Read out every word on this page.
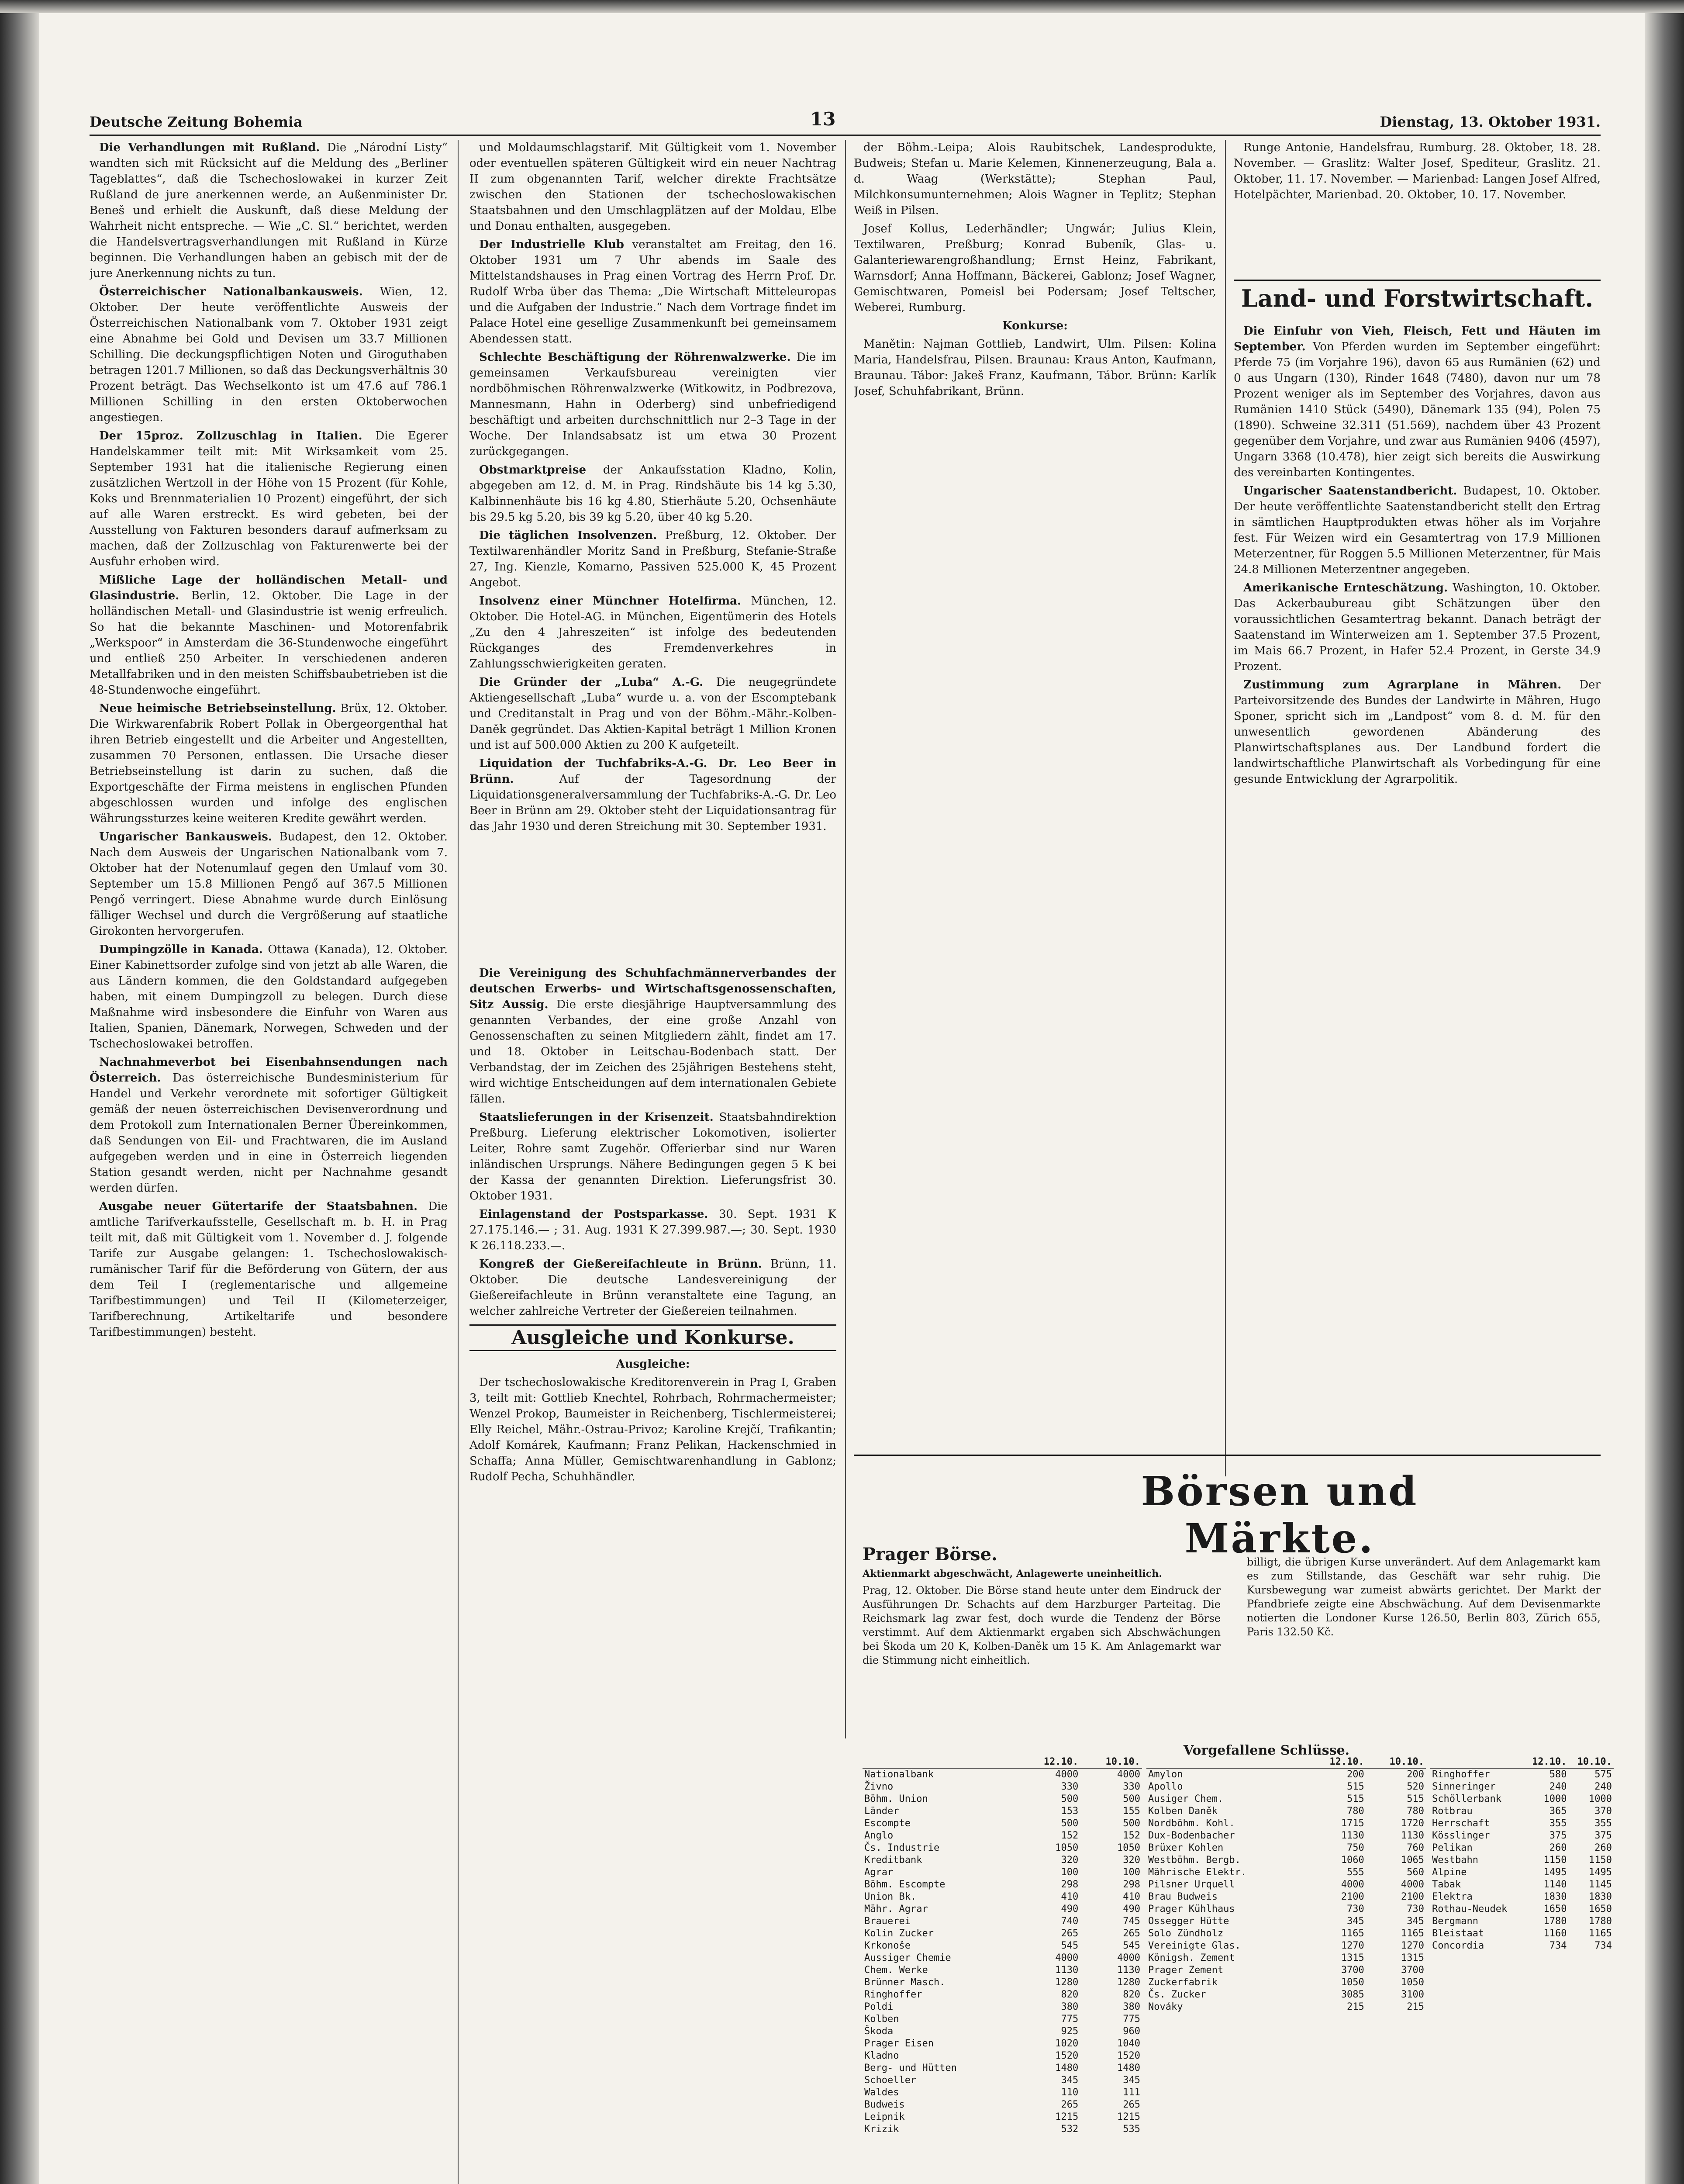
Deutsche Zeitung Bohemia	13	Dienstag, 13. Oktober 1931.

Die Verhandlungen mit Rußland. Die „Národní Listy“ wandten sich mit Rücksicht auf die Meldung des „Berliner Tageblattes“, daß die Tschechoslowakei in kurzer Zeit Rußland de jure anerkennen werde, an Außenminister Dr. Beneš und erhielt die Auskunft, daß diese Meldung der Wahrheit nicht entspreche. — Wie „C. Sl.“ berichtet, werden die Handelsvertragsverhandlungen mit Rußland in Kürze beginnen. Die Verhandlungen haben an gebisch mit der de jure Anerkennung nichts zu tun.

Österreichischer Nationalbankausweis. Wien, 12. Oktober. Der heute veröffentlichte Ausweis der Österreichischen Nationalbank vom 7. Oktober 1931 zeigt eine Abnahme bei Gold und Devisen um 33.7 Millionen Schilling. Die deckungspflichtigen Noten und Giroguthaben betragen 1201.7 Millionen, so daß das Deckungsverhältnis 30 Prozent beträgt. Das Wechselkonto ist um 47.6 auf 786.1 Millionen Schilling in den ersten Oktoberwochen angestiegen.

Der 15proz. Zollzuschlag in Italien. Die Egerer Handelskammer teilt mit: Mit Wirksamkeit vom 25. September 1931 hat die italienische Regierung einen zusätzlichen Wertzoll in der Höhe von 15 Prozent (für Kohle, Koks und Brennmaterialien 10 Prozent) eingeführt, der sich auf alle Waren erstreckt. Es wird gebeten, bei der Ausstellung von Fakturen besonders darauf aufmerksam zu machen, daß der Zollzuschlag von Fakturenwerte bei der Ausfuhr erhoben wird.

Mißliche Lage der holländischen Metall- und Glasindustrie. Berlin, 12. Oktober. Die Lage in der holländischen Metall- und Glasindustrie ist wenig erfreulich. So hat die bekannte Maschinen- und Motorenfabrik „Werkspoor“ in Amsterdam die 36-Stundenwoche eingeführt und entließ 250 Arbeiter. In verschiedenen anderen Metallfabriken und in den meisten Schiffsbaubetrieben ist die 48-Stundenwoche eingeführt.

Neue heimische Betriebseinstellung. Brüx, 12. Oktober. Die Wirkwarenfabrik Robert Pollak in Obergeorgenthal hat ihren Betrieb eingestellt und die Arbeiter und Angestellten, zusammen 70 Personen, entlassen. Die Ursache dieser Betriebseinstellung ist darin zu suchen, daß die Exportgeschäfte der Firma meistens in englischen Pfunden abgeschlossen wurden und infolge des englischen Währungssturzes keine weiteren Kredite gewährt werden.

Ungarischer Bankausweis. Budapest, den 12. Oktober. Nach dem Ausweis der Ungarischen Nationalbank vom 7. Oktober hat der Notenumlauf gegen den Umlauf vom 30. September um 15.8 Millionen Pengő auf 367.5 Millionen Pengő verringert. Diese Abnahme wurde durch Einlösung fälliger Wechsel und durch die Vergrößerung auf staatliche Girokonten hervorgerufen.

Dumpingzölle in Kanada. Ottawa (Kanada), 12. Oktober. Einer Kabinettsorder zufolge sind von jetzt ab alle Waren, die aus Ländern kommen, die den Goldstandard aufgegeben haben, mit einem Dumpingzoll zu belegen. Durch diese Maßnahme wird insbesondere die Einfuhr von Waren aus Italien, Spanien, Dänemark, Norwegen, Schweden und der Tschechoslowakei betroffen.

Nachnahmeverbot bei Eisenbahnsendungen nach Österreich. Das österreichische Bundesministerium für Handel und Verkehr verordnete mit sofortiger Gültigkeit gemäß der neuen österreichischen Devisenverordnung und dem Protokoll zum Internationalen Berner Übereinkommen, daß Sendungen von Eil- und Frachtwaren, die im Ausland aufgegeben werden und in eine in Österreich liegenden Station gesandt werden, nicht per Nachnahme gesandt werden dürfen.

Ausgabe neuer Gütertarife der Staatsbahnen. Die amtliche Tarifverkaufsstelle, Gesellschaft m. b. H. in Prag teilt mit, daß mit Gültigkeit vom 1. November d. J. folgende Tarife zur Ausgabe gelangen: 1. Tschechoslowakisch-rumänischer Tarif für die Beförderung von Gütern, der aus dem Teil I (reglementarische und allgemeine Tarifbestimmungen) und Teil II (Kilometerzeiger, Tarifberechnung, Artikeltarife und besondere Tarifbestimmungen) besteht.

und Moldaumschlagstarif. Mit Gültigkeit vom 1. November oder eventuellen späteren Gültigkeit wird ein neuer Nachtrag II zum obgenannten Tarif, welcher direkte Frachtsätze zwischen den Stationen der tschechoslowakischen Staatsbahnen und den Umschlagplätzen auf der Moldau, Elbe und Donau enthalten, ausgegeben.

Der Industrielle Klub veranstaltet am Freitag, den 16. Oktober 1931 um 7 Uhr abends im Saale des Mittelstandshauses in Prag einen Vortrag des Herrn Prof. Dr. Rudolf Wrba über das Thema: „Die Wirtschaft Mitteleuropas und die Aufgaben der Industrie.“ Nach dem Vortrage findet im Palace Hotel eine gesellige Zusammenkunft bei gemeinsamem Abendessen statt.

Schlechte Beschäftigung der Röhrenwalzwerke. Die im gemeinsamen Verkaufsbureau vereinigten vier nordböhmischen Röhrenwalzwerke (Witkowitz, in Podbrezova, Mannesmann, Hahn in Oderberg) sind unbefriedigend beschäftigt und arbeiten durchschnittlich nur 2–3 Tage in der Woche. Der Inlandsabsatz ist um etwa 30 Prozent zurückgegangen.

Obstmarktpreise der Ankaufsstation Kladno, Kolin, abgegeben am 12. d. M. in Prag. Rindshäute bis 14 kg 5.30, Kalbinnenhäute bis 16 kg 4.80, Stierhäute 5.20, Ochsenhäute bis 29.5 kg 5.20, bis 39 kg 5.20, über 40 kg 5.20.

Die täglichen Insolvenzen. Preßburg, 12. Oktober. Der Textilwarenhändler Moritz Sand in Preßburg, Stefanie-Straße 27, Ing. Kienzle, Komarno, Passiven 525.000 K, 45 Prozent Angebot.

Insolvenz einer Münchner Hotelfirma. München, 12. Oktober. Die Hotel-AG. in München, Eigentümerin des Hotels „Zu den 4 Jahreszeiten“ ist infolge des bedeutenden Rückganges des Fremdenverkehres in Zahlungsschwierigkeiten geraten.

Die Gründer der „Luba“ A.-G. Die neugegründete Aktiengesellschaft „Luba“ wurde u. a. von der Escomptebank und Creditanstalt in Prag und von der Böhm.-Mähr.-Kolben-Daněk gegründet. Das Aktien-Kapital beträgt 1 Million Kronen und ist auf 500.000 Aktien zu 200 K aufgeteilt.

Liquidation der Tuchfabriks-A.-G. Dr. Leo Beer in Brünn.	Auf der Tagesordnung der Liquidationsgeneralversammlung der Tuchfabriks-A.-G. Dr. Leo Beer in Brünn am 29. Oktober steht der Liquidationsantrag für das Jahr 1930 und deren Streichung mit 30. September 1931.

Die Vereinigung des Schuhfachmännerverbandes der deutschen Erwerbs- und Wirtschaftsgenossenschaften, Sitz Aussig. Die erste diesjährige Hauptversammlung des genannten Verbandes, der eine große Anzahl von Genossenschaften zu seinen Mitgliedern zählt, findet am 17. und 18. Oktober in Leitschau-Bodenbach statt. Der Verbandstag, der im Zeichen des 25jährigen Bestehens steht, wird wichtige Entscheidungen auf dem internationalen Gebiete fällen.

Staatslieferungen in der Krisenzeit. Staatsbahndirektion Preßburg. Lieferung elektrischer Lokomotiven, isolierter Leiter, Rohre samt Zugehör. Offerierbar sind nur Waren inländischen Ursprungs. Nähere Bedingungen gegen 5 K bei der Kassa der genannten Direktion. Lieferungsfrist 30. Oktober 1931.

Einlagenstand der Postsparkasse. 30. Sept. 1931 K 27.175.146.— ; 31. Aug. 1931 K 27.399.987.—; 30. Sept. 1930 K 26.118.233.—.

Kongreß der Gießereifachleute in Brünn. Brünn, 11. Oktober. Die deutsche Landesvereinigung der Gießereifachleute in Brünn veranstaltete eine Tagung, an welcher zahlreiche Vertreter der Gießereien teilnahmen.

Ausgleiche und Konkurse.
Ausgleiche:

Der tschechoslowakische Kreditorenverein in Prag I, Graben 3, teilt mit: Gottlieb Knechtel, Rohrbach, Rohrmachermeister; Wenzel Prokop, Baumeister in Reichenberg, Tischlermeisterei; Elly Reichel, Mähr.-Ostrau-Privoz; Karoline Krejčí, Trafikantin; Adolf Komárek, Kaufmann; Franz Pelikan, Hackenschmied in Schaffa; Anna Müller, Gemischtwarenhandlung in Gablonz; Rudolf Pecha, Schuhhändler.

der Böhm.-Leipa; Alois Raubitschek, Landesprodukte, Budweis; Stefan u. Marie Kelemen, Kinnenerzeugung, Bala a. d. Waag (Werkstätte); Stephan Paul, Milchkonsumunternehmen; Alois Wagner in Teplitz; Stephan Weiß in Pilsen.

Josef Kollus, Lederhändler; Ungwár; Julius Klein, Textilwaren, Preßburg; Konrad Bubeník, Glas- u. Galanteriewarengroßhandlung; Ernst Heinz, Fabrikant, Warnsdorf; Anna Hoffmann, Bäckerei, Gablonz; Josef Wagner, Gemischtwaren, Pomeisl bei Podersam; Josef Teltscher, Weberei, Rumburg.

Konkurse:

Manětin: Najman Gottlieb, Landwirt, Ulm. Pilsen: Kolina Maria, Handelsfrau, Pilsen. Braunau: Kraus Anton, Kaufmann, Braunau. Tábor: Jakeš Franz, Kaufmann, Tábor. Brünn: Karlík Josef, Schuhfabrikant, Brünn.

Runge Antonie, Handelsfrau, Rumburg. 28. Oktober, 18. 28. November. — Graslitz: Walter Josef, Spediteur, Graslitz. 21. Oktober, 11. 17. November. — Marienbad: Langen Josef Alfred, Hotelpächter, Marienbad. 20. Oktober, 10. 17. November.

Land- und Forstwirtschaft.

Die Einfuhr von Vieh, Fleisch, Fett und Häuten im September. Von Pferden wurden im September eingeführt: Pferde 75 (im Vorjahre 196), davon 65 aus Rumänien (62) und 0 aus Ungarn (130), Rinder 1648 (7480), davon nur um 78 Prozent weniger als im September des Vorjahres, davon aus Rumänien 1410 Stück (5490), Dänemark 135 (94), Polen 75 (1890). Schweine 32.311 (51.569), nachdem über 43 Prozent gegenüber dem Vorjahre, und zwar aus Rumänien 9406 (4597), Ungarn 3368 (10.478), hier zeigt sich bereits die Auswirkung des vereinbarten Kontingentes.

Ungarischer Saatenstandbericht. Budapest, 10. Oktober. Der heute veröffentlichte Saatenstandbericht stellt den Ertrag in sämtlichen Hauptprodukten etwas höher als im Vorjahre fest. Für Weizen wird ein Gesamtertrag von 17.9 Millionen Meterzentner, für Roggen 5.5 Millionen Meterzentner, für Mais 24.8 Millionen Meterzentner angegeben.

Amerikanische Ernteschätzung. Washington, 10. Oktober. Das Ackerbaubureau gibt Schätzungen über den voraussichtlichen Gesamtertrag bekannt. Danach beträgt der Saatenstand im Winterweizen am 1. September 37.5 Prozent, im Mais 66.7 Prozent, in Hafer 52.4 Prozent, in Gerste 34.9 Prozent.

Zustimmung zum Agrarplane in Mähren. Der Parteivorsitzende des Bundes der Landwirte in Mähren, Hugo Sponer, spricht sich im „Landpost“ vom 8. d. M. für den unwesentlich gewordenen Abänderung des Planwirtschaftsplanes aus. Der Landbund fordert die landwirtschaftliche Planwirtschaft als Vorbedingung für eine gesunde Entwicklung der Agrarpolitik.

Börsen und Märkte.
Prager Börse.
Aktienmarkt abgeschwächt, Anlagewerte uneinheitlich.
Prag, 12. Oktober. Die Börse stand heute unter dem Eindruck der Ausführungen Dr. Schachts auf dem Harzburger Parteitag. Die Reichsmark lag zwar fest, doch wurde die Tendenz der Börse verstimmt. Auf dem Aktienmarkt ergaben sich Abschwächungen bei Škoda um 20 K, Kolben-Daněk um 15 K. Am Anlagemarkt war die Stimmung nicht einheitlich.
billigt, die übrigen Kurse unverändert. Auf dem Anlagemarkt kam es zum Stillstande, das Geschäft war sehr ruhig. Die Kursbewegung war zumeist abwärts gerichtet. Der Markt der Pfandbriefe zeigte eine Abschwächung. Auf dem Devisenmarkte notierten die Londoner Kurse 126.50, Berlin 803, Zürich 655, Paris 132.50 Kč.
Vorgefallene Schlüsse.
	12.10.	10.10.
Nationalbank	4000	4000
Živno	330	330
Böhm. Union	500	500
Länder	153	155
Escompte	500	500
Anglo	152	152
Čs. Industrie	1050	1050
Kreditbank	320	320
Agrar	100	100
Böhm. Escompte	298	298
Union Bk.	410	410
Mähr. Agrar	490	490
Brauerei	740	745
Kolin Zucker	265	265
Krkonoše	545	545
Aussiger Chemie	4000	4000
Chem. Werke	1130	1130
Brünner Masch.	1280	1280
Ringhoffer	820	820
Poldi	380	380
Kolben	775	775
Škoda	925	960
Prager Eisen	1020	1040
Kladno	1520	1520
Berg- und Hütten	1480	1480
Schoeller	345	345
Waldes	110	111
Budweis	265	265
Leipnik	1215	1215
Krizik	532	535
	12.10.	10.10.
Amylon	200	200
Apollo	515	520
Ausiger Chem.	515	515
Kolben Daněk	780	780
Nordböhm. Kohl.	1715	1720
Dux-Bodenbacher	1130	1130
Brüxer Kohlen	750	760
Westböhm. Bergb.	1060	1065
Mährische Elektr.	555	560
Pilsner Urquell	4000	4000
Brau Budweis	2100	2100
Prager Kühlhaus	730	730
Ossegger Hütte	345	345
Solo Zündholz	1165	1165
Vereinigte Glas.	1270	1270
Königsh. Zement	1315	1315
Prager Zement	3700	3700
Zuckerfabrik	1050	1050
Čs. Zucker	3085	3100
Nováky	215	215
	12.10.	10.10.
Ringhoffer	580	575
Sinneringer	240	240
Schöllerbank	1000	1000
Rotbrau	365	370
Herrschaft	355	355
Kösslinger	375	375
Pelikan	260	260
Westbahn	1150	1150
Alpine	1495	1495
Tabak	1140	1145
Elektra	1830	1830
Rothau-Neudek	1650	1650
Bergmann	1780	1780
Bleistaat	1160	1165
Concordia	734	734
